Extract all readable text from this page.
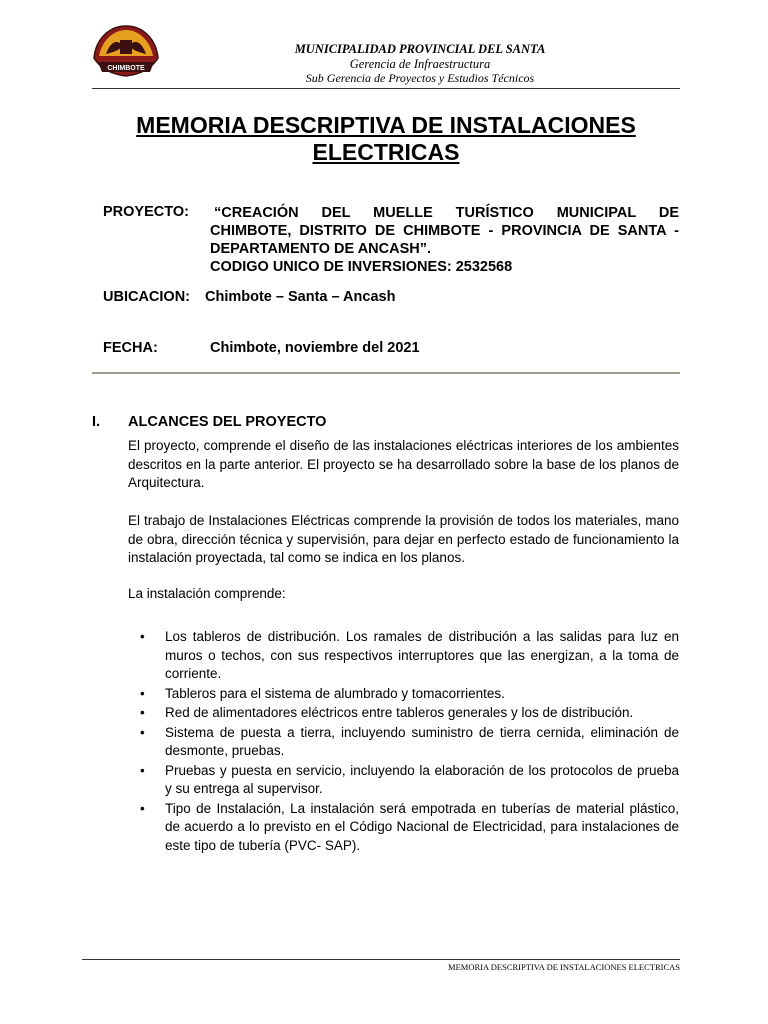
CHIMBOTE
MUNICIPALIDAD PROVINCIAL DEL SANTA
Gerencia de Infraestructura
Sub Gerencia de Proyectos y Estudios Técnicos
MEMORIA DESCRIPTIVA DE INSTALACIONES
ELECTRICAS
PROYECTO: “CREACIÓN DEL MUELLE TURÍSTICO MUNICIPAL DE
CHIMBOTE, DISTRITO DE CHIMBOTE - PROVINCIA DE SANTA -
DEPARTAMENTO DE ANCASH”.
CODIGO UNICO DE INVERSIONES: 2532568
UBICACION: Chimbote – Santa – Ancash
FECHA:	Chimbote, noviembre del 2021
I. ALCANCES DEL PROYECTO
El proyecto, comprende el diseño de las instalaciones eléctricas interiores de los ambientes descritos en la parte anterior. El proyecto se ha desarrollado sobre la base de los planos de Arquitectura.
El trabajo de Instalaciones Eléctricas comprende la provisión de todos los materiales, mano de obra, dirección técnica y supervisión, para dejar en perfecto estado de funcionamiento la instalación proyectada, tal como se indica en los planos.
La instalación comprende:
• Los tableros de distribución. Los ramales de distribución a las salidas para luz en muros o techos, con sus respectivos interruptores que las energizan, a la toma de corriente.
• Tableros para el sistema de alumbrado y tomacorrientes.
• Red de alimentadores eléctricos entre tableros generales y los de distribución.
• Sistema de puesta a tierra, incluyendo suministro de tierra cernida, eliminación de desmonte, pruebas.
• Pruebas y puesta en servicio, incluyendo la elaboración de los protocolos de prueba y su entrega al supervisor.
• Tipo de Instalación, La instalación será empotrada en tuberías de material plástico, de acuerdo a lo previsto en el Código Nacional de Electricidad, para instalaciones de este tipo de tubería (PVC- SAP).
MEMORIA DESCRIPTIVA DE INSTALACIONES ELECTRICAS
